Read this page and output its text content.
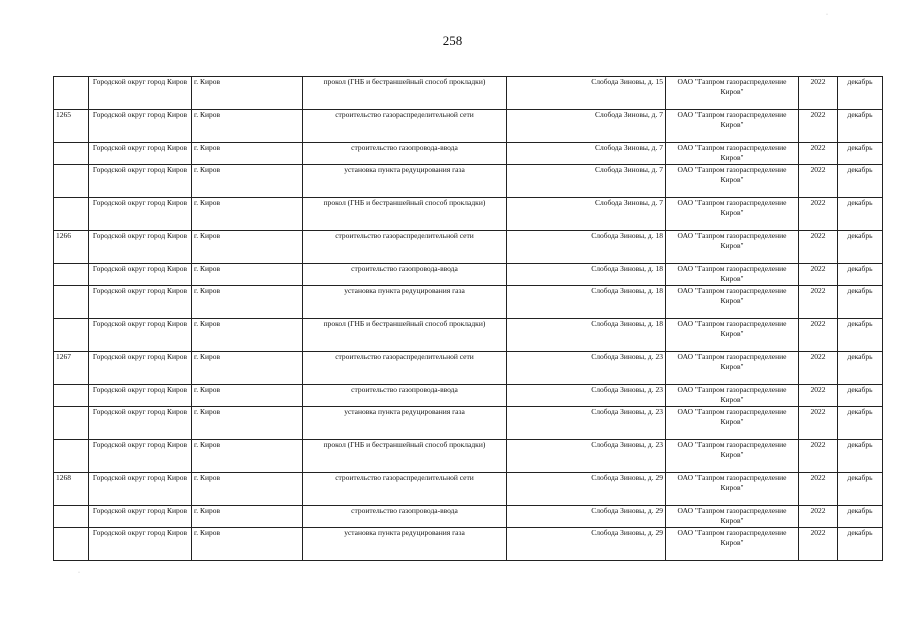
258
	Городской округ город Киров	г. Киров	прокол (ГНБ и бестраншейный способ прокладки)	Слобода Зиновы, д. 15	ОАО "Газпром газораспределение Киров"	2022	декабрь
1265	Городской округ город Киров	г. Киров	строительство газораспределительной сети	Слобода Зиновы, д. 7	ОАО "Газпром газораспределение Киров"	2022	декабрь
	Городской округ город Киров	г. Киров	строительство газопровода-ввода	Слобода Зиновы, д. 7	ОАО "Газпром газораспределение Киров"	2022	декабрь
	Городской округ город Киров	г. Киров	установка пункта редуцирования газа	Слобода Зиновы, д. 7	ОАО "Газпром газораспределение Киров"	2022	декабрь
	Городской округ город Киров	г. Киров	прокол (ГНБ и бестраншейный способ прокладки)	Слобода Зиновы, д. 7	ОАО "Газпром газораспределение Киров"	2022	декабрь
1266	Городской округ город Киров	г. Киров	строительство газораспределительной сети	Слобода Зиновы, д. 18	ОАО "Газпром газораспределение Киров"	2022	декабрь
	Городской округ город Киров	г. Киров	строительство газопровода-ввода	Слобода Зиновы, д. 18	ОАО "Газпром газораспределение Киров"	2022	декабрь
	Городской округ город Киров	г. Киров	установка пункта редуцирования газа	Слобода Зиновы, д. 18	ОАО "Газпром газораспределение Киров"	2022	декабрь
	Городской округ город Киров	г. Киров	прокол (ГНБ и бестраншейный способ прокладки)	Слобода Зиновы, д. 18	ОАО "Газпром газораспределение Киров"	2022	декабрь
1267	Городской округ город Киров	г. Киров	строительство газораспределительной сети	Слобода Зиновы, д. 23	ОАО "Газпром газораспределение Киров"	2022	декабрь
	Городской округ город Киров	г. Киров	строительство газопровода-ввода	Слобода Зиновы, д. 23	ОАО "Газпром газораспределение Киров"	2022	декабрь
	Городской округ город Киров	г. Киров	установка пункта редуцирования газа	Слобода Зиновы, д. 23	ОАО "Газпром газораспределение Киров"	2022	декабрь
	Городской округ город Киров	г. Киров	прокол (ГНБ и бестраншейный способ прокладки)	Слобода Зиновы, д. 23	ОАО "Газпром газораспределение Киров"	2022	декабрь
1268	Городской округ город Киров	г. Киров	строительство газораспределительной сети	Слобода Зиновы, д. 29	ОАО "Газпром газораспределение Киров"	2022	декабрь
	Городской округ город Киров	г. Киров	строительство газопровода-ввода	Слобода Зиновы, д. 29	ОАО "Газпром газораспределение Киров"	2022	декабрь
	Городской округ город Киров	г. Киров	установка пункта редуцирования газа	Слобода Зиновы, д. 29	ОАО "Газпром газораспределение Киров"	2022	декабрь
·
·
